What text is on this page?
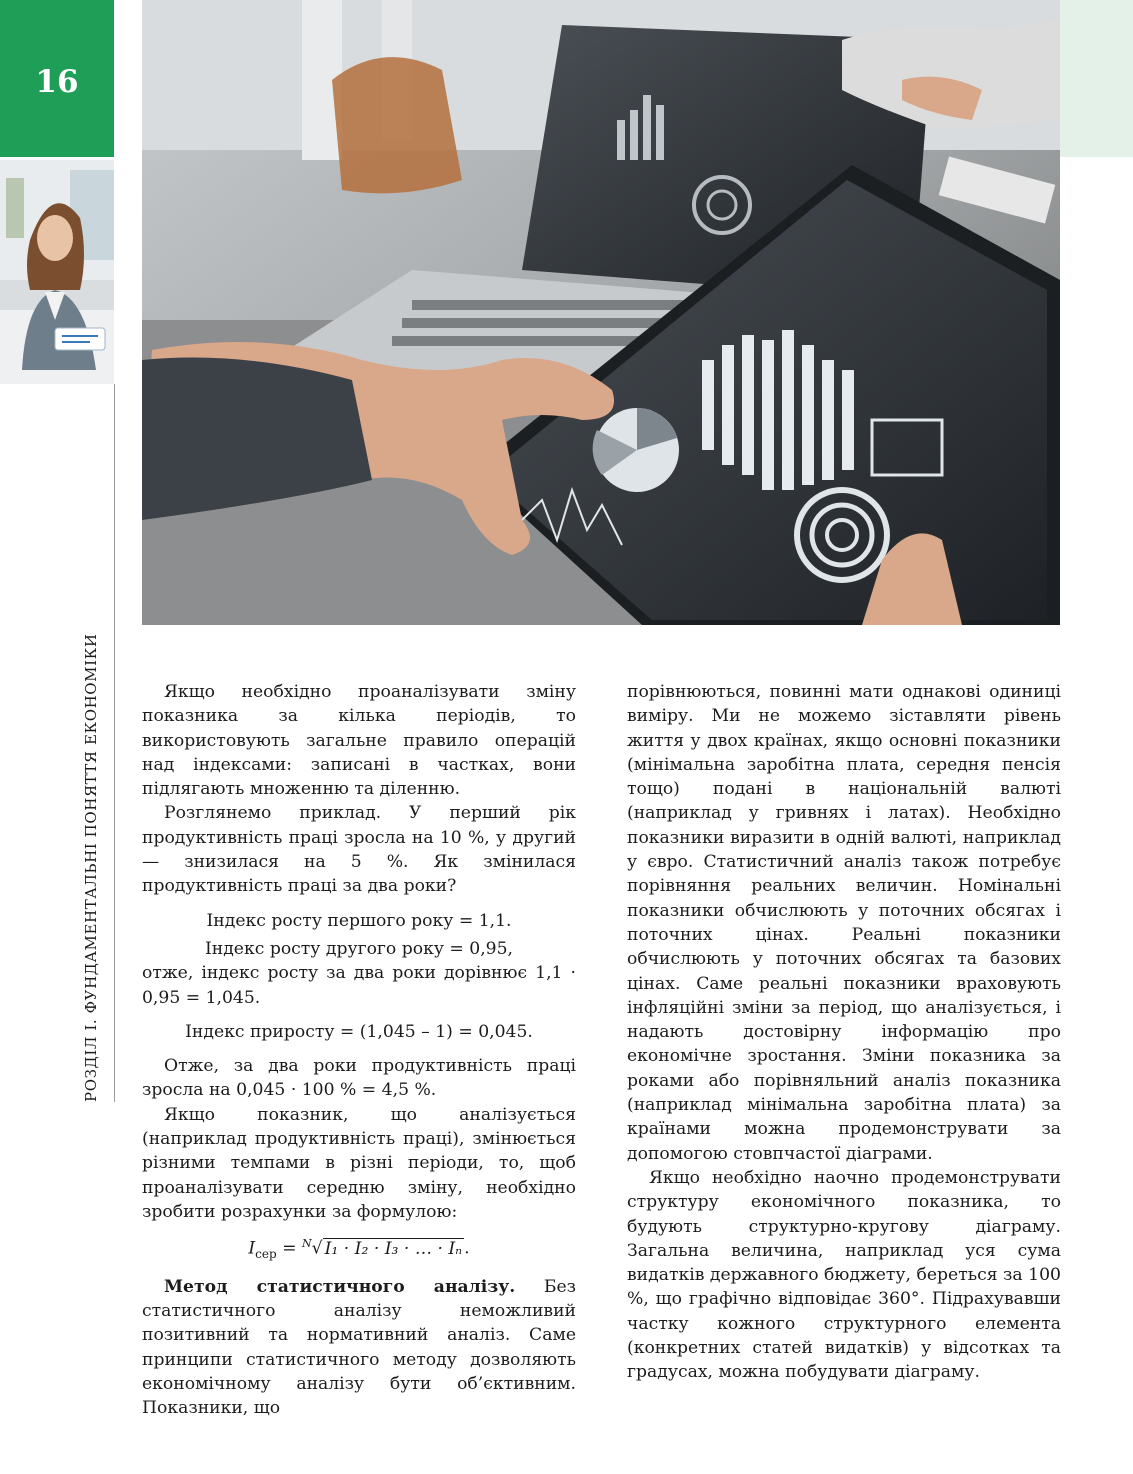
16
РОЗДІЛ І. ФУНДАМЕНТАЛЬНІ ПОНЯТТЯ ЕКОНОМІКИ	Якщо необхідно проаналізувати зміну показника за кілька періодів, то використовують загальне правило операцій над індексами: записані в частках, вони підлягають множенню та діленню.

Розглянемо приклад. У перший рік продуктивність праці зросла на 10 %, у другий — знизилася на 5 %. Як змінилася продуктивність праці за два роки?

Індекс росту першого року = 1,1.

Індекс росту другого року = 0,95,

отже, індекс росту за два роки дорівнює 1,1 · 0,95 = 1,045.

Індекс приросту = (1,045 – 1) = 0,045.

Отже, за два роки продуктивність праці зросла на 0,045 · 100 % = 4,5 %.

Якщо показник, що аналізується (наприклад продуктивність праці), змінюється різними темпами в різні періоди, то, щоб проаналізувати середню зміну, необхідно зробити розрахунки за формулою:

$I_{сер} = ^N√$ I₁ · I₂ · I₃ · … · Iₙ .

Метод статистичного аналізу. Без статистичного аналізу неможливий позитивний та нормативний аналіз. Саме принципи статистичного методу дозволяють економічному аналізу бути об’єктивним. Показники, що

порівнюються, повинні мати однакові одиниці виміру. Ми не можемо зіставляти рівень життя у двох країнах, якщо основні показники (мінімальна заробітна плата, середня пенсія тощо) подані в національній валюті (наприклад у гривнях і латах). Необхідно показники виразити в одній валюті, наприклад у євро. Статистичний аналіз також потребує порівняння реальних величин. Номінальні показники обчислюють у поточних обсягах і поточних цінах. Реальні показники обчислюють у поточних обсягах та базових цінах. Саме реальні показники враховують інфляційні зміни за період, що аналізується, і надають достовірну інформацію про економічне зростання. Зміни показника за роками або порівняльний аналіз показника (наприклад мінімальна заробітна плата) за країнами можна продемонструвати за допомогою стовпчастої діаграми.

Якщо необхідно наочно продемонструвати структуру економічного показника, то будують структурно-кругову діаграму. Загальна величина, наприклад уся сума видатків державного бюджету, береться за 100 %, що графічно відповідає 360°. Підрахувавши частку кожного структурного елемента (конкретних статей видатків) у відсотках та градусах, можна побудувати діаграму.
